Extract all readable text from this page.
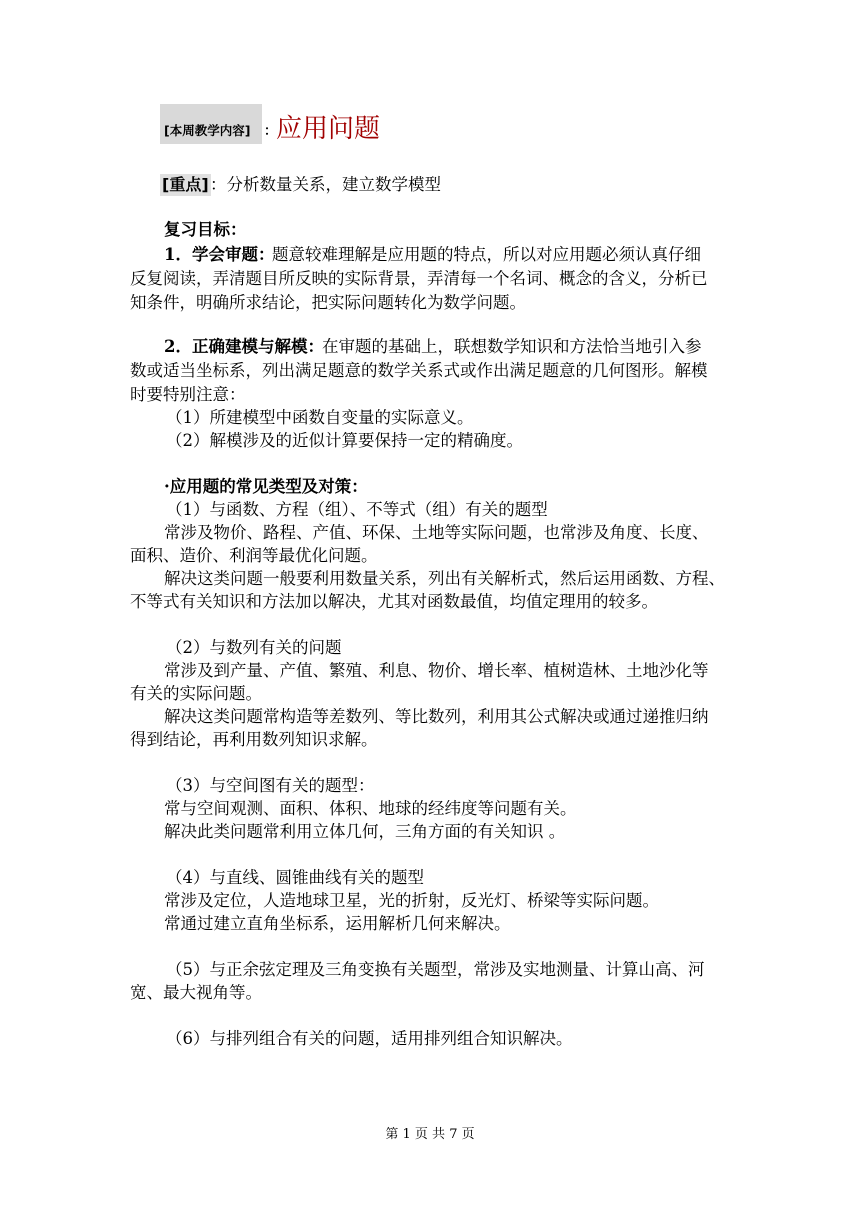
[本周教学内容] ：
应用问题
[重点] ：分析数量关系，建立数学模型
复习目标：
1．学会审题：
题意较难理解是应用题的特点，所以对应用题必须认真仔细
反复阅读，弄清题目所反映的实际背景，弄清每一个名词、概念的含义，分析已
知条件，明确所求结论，把实际问题转化为数学问题。
2．正确建模与解模：
在审题的基础上，联想数学知识和方法恰当地引入参
数或适当坐标系，列出满足题意的数学关系式或作出满足题意的几何图形。解模
时要特别注意：
（1）所建模型中函数自变量的实际意义。
（2）解模涉及的近似计算要保持一定的精确度。
·应用题的常见类型及对策：
（1）与函数、方程（组）、不等式（组）有关的题型
常涉及物价、路程、产值、环保、土地等实际问题，也常涉及角度、长度、
面积、造价、利润等最优化问题。
解决这类问题一般要利用数量关系，列出有关解析式，然后运用函数、方程、
不等式有关知识和方法加以解决，尤其对函数最值，均值定理用的较多。
（2）与数列有关的问题
常涉及到产量、产值、繁殖、利息、物价、增长率、植树造林、土地沙化等
有关的实际问题。
解决这类问题常构造等差数列、等比数列，利用其公式解决或通过递推归纳
得到结论，再利用数列知识求解。
（3）与空间图有关的题型：
常与空间观测、面积、体积、地球的经纬度等问题有关。
解决此类问题常利用立体几何，三角方面的有关知识 。
（4）与直线、圆锥曲线有关的题型
常涉及定位，人造地球卫星，光的折射，反光灯、桥梁等实际问题。
常通过建立直角坐标系，运用解析几何来解决。
（5）与正余弦定理及三角变换有关题型，常涉及实地测量、计算山高、河
宽、最大视角等。
（6）与排列组合有关的问题，适用排列组合知识解决。
第 1 页 共 7 页
